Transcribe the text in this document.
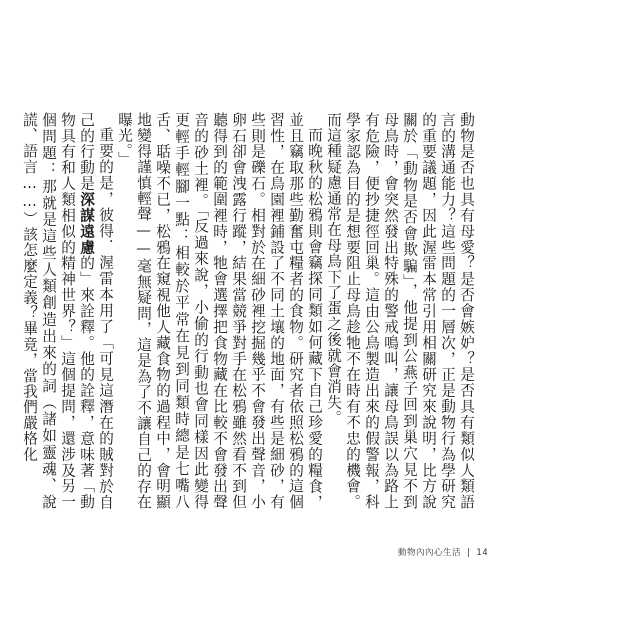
動物是否也具有母愛？是否會嫉妒？是否具有類似人類語言的溝通能力？這些問題的一層次，正是動物行為學研究的重要議題，因此渥雷本常引用相關研究來說明，比方說關於「動物是否會欺騙」，他提到公燕子回到巢穴見不到母鳥時，會突然發出特殊的警戒鳴叫，讓母鳥誤以為路上有危險，便抄捷徑回巢。這由公鳥製造出來的假警報，科學家認為目的是想要阻止母鳥趁牠不在時有不忠的機會。而這種疑慮通常在母鳥下了蛋之後就會消失。

而晚秋的松鴉則會竊探同類如何藏下自己珍愛的糧食，並且竊取那些勤奮屯糧者的食物。研究者依照松鴉的這個習性，在鳥園裡鋪設了不同土壤的地面，有些是細砂，有些則是礫石。相對於在細砂裡挖掘幾乎不會發出聲音，小卵石卻會洩露行蹤，結果當競爭對手在松鴉雖然看不到但聽得到的範圍裡時，牠會選擇把食物藏在比較不會發出聲音的砂土裡。「反過來說，小偷的行動也會同樣因此變得更輕手輕腳一點：相較於平常在見到同類時總是七嘴八舌、聒噪不已，松鴉在窺視他人藏食物的過程中，會明顯地變得謹慎輕聲——毫無疑問，這是為了不讓自己的存在曝光。」

重要的是，彼得．渥雷本用了「可見這潛在的賊對於自己的行動是深謀遠慮的」來詮釋。他的詮釋，意味著「動物具有和人類相似的精神世界？」這個提問，還涉及另一個問題：那就是這些人類創造出來的詞（諸如靈魂、說謊、語言……）該怎麼定義？畢竟，當我們嚴格化

動物內內心生活 | 14
